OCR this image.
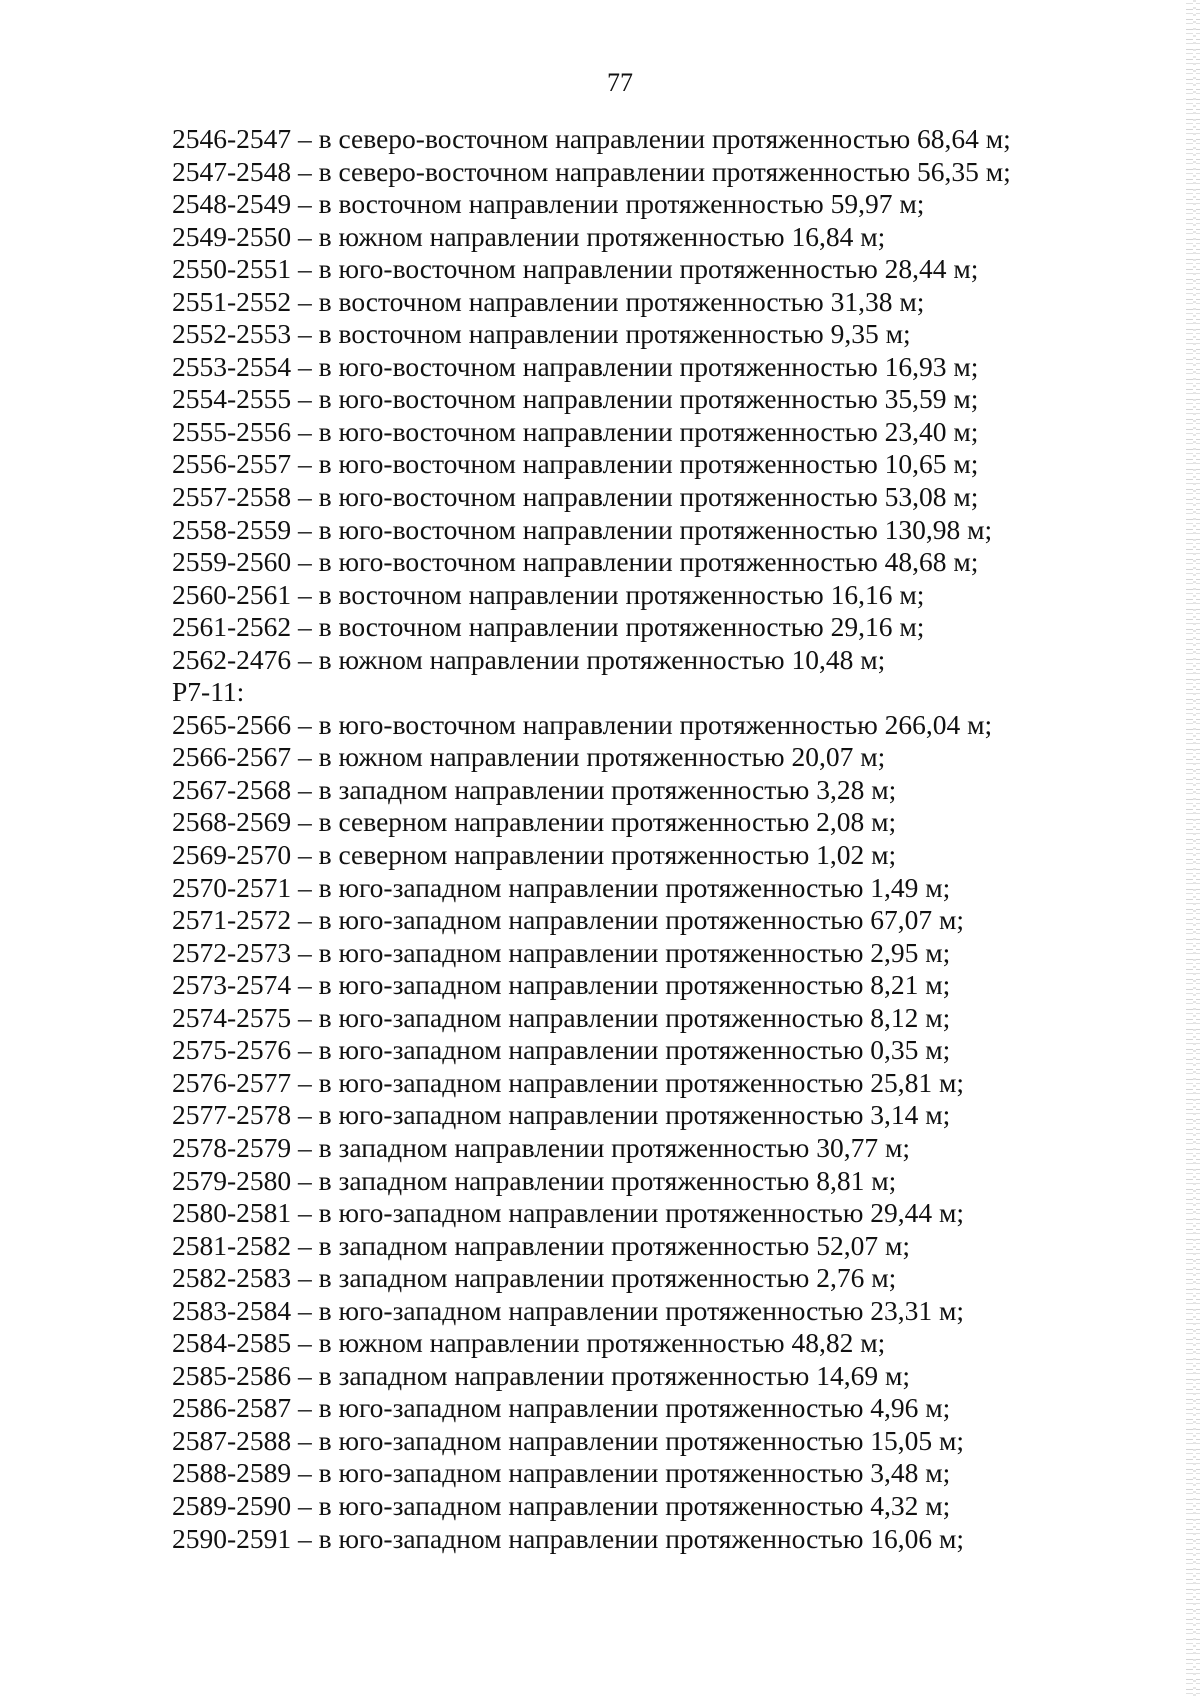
77
2546-2547 – в северо-восточном направлении протяженностью 68,64 м;
2547-2548 – в северо-восточном направлении протяженностью 56,35 м;
2548-2549 – в восточном направлении протяженностью 59,97 м;
2549-2550 – в южном направлении протяженностью 16,84 м;
2550-2551 – в юго-восточном направлении протяженностью 28,44 м;
2551-2552 – в восточном направлении протяженностью 31,38 м;
2552-2553 – в восточном направлении протяженностью 9,35 м;
2553-2554 – в юго-восточном направлении протяженностью 16,93 м;
2554-2555 – в юго-восточном направлении протяженностью 35,59 м;
2555-2556 – в юго-восточном направлении протяженностью 23,40 м;
2556-2557 – в юго-восточном направлении протяженностью 10,65 м;
2557-2558 – в юго-восточном направлении протяженностью 53,08 м;
2558-2559 – в юго-восточном направлении протяженностью 130,98 м;
2559-2560 – в юго-восточном направлении протяженностью 48,68 м;
2560-2561 – в восточном направлении протяженностью 16,16 м;
2561-2562 – в восточном направлении протяженностью 29,16 м;
2562-2476 – в южном направлении протяженностью 10,48 м;
Р7-11:
2565-2566 – в юго-восточном направлении протяженностью 266,04 м;
2566-2567 – в южном направлении протяженностью 20,07 м;
2567-2568 – в западном направлении протяженностью 3,28 м;
2568-2569 – в северном направлении протяженностью 2,08 м;
2569-2570 – в северном направлении протяженностью 1,02 м;
2570-2571 – в юго-западном направлении протяженностью 1,49 м;
2571-2572 – в юго-западном направлении протяженностью 67,07 м;
2572-2573 – в юго-западном направлении протяженностью 2,95 м;
2573-2574 – в юго-западном направлении протяженностью 8,21 м;
2574-2575 – в юго-западном направлении протяженностью 8,12 м;
2575-2576 – в юго-западном направлении протяженностью 0,35 м;
2576-2577 – в юго-западном направлении протяженностью 25,81 м;
2577-2578 – в юго-западном направлении протяженностью 3,14 м;
2578-2579 – в западном направлении протяженностью 30,77 м;
2579-2580 – в западном направлении протяженностью 8,81 м;
2580-2581 – в юго-западном направлении протяженностью 29,44 м;
2581-2582 – в западном направлении протяженностью 52,07 м;
2582-2583 – в западном направлении протяженностью 2,76 м;
2583-2584 – в юго-западном направлении протяженностью 23,31 м;
2584-2585 – в южном направлении протяженностью 48,82 м;
2585-2586 – в западном направлении протяженностью 14,69 м;
2586-2587 – в юго-западном направлении протяженностью 4,96 м;
2587-2588 – в юго-западном направлении протяженностью 15,05 м;
2588-2589 – в юго-западном направлении протяженностью 3,48 м;
2589-2590 – в юго-западном направлении протяженностью 4,32 м;
2590-2591 – в юго-западном направлении протяженностью 16,06 м;
